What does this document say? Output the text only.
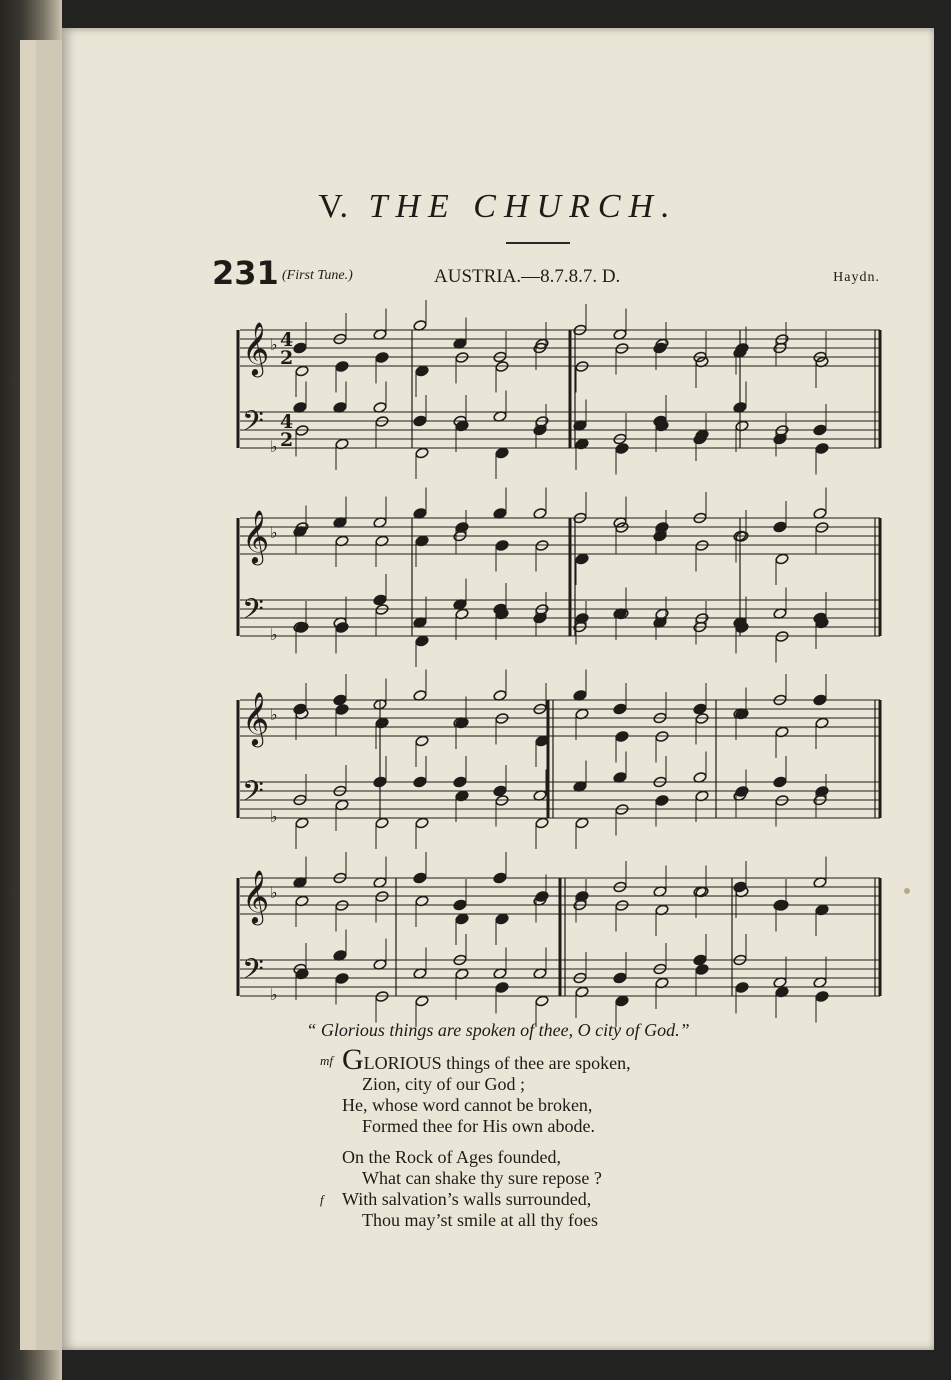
V. THE CHURCH.
231 (First Tune.)	AUSTRIA.—8.7.8.7. D.	Haydn.
𝄞 ♭
𝄢
♭
4
4
2
2
𝄞 ♭
𝄢
♭
𝄞 ♭
𝄢
♭
𝄞 ♭
𝄢
♭
“ Glorious things are spoken of thee, O city of God.”
mf GLORIOUS things of thee are spoken,
Zion, city of our God ;
He, whose word cannot be broken,
Formed thee for His own abode.
On the Rock of Ages founded,
What can shake thy sure repose ?
f With salvation’s walls surrounded,
Thou may’st smile at all thy foes
